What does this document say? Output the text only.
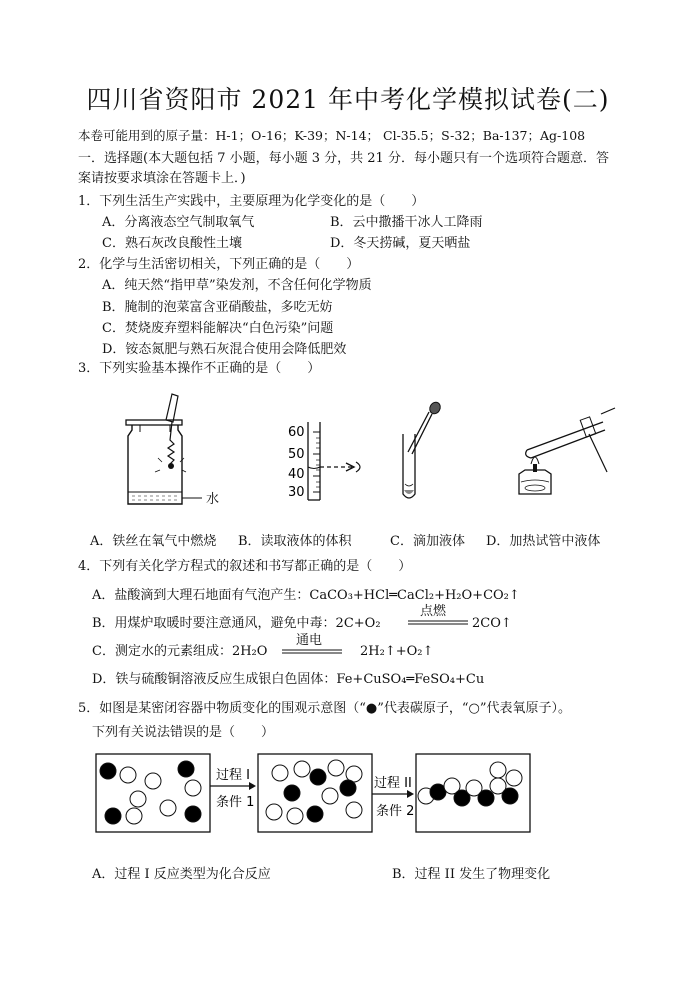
四川省资阳市 2021 年中考化学模拟试卷(二)
本卷可能用到的原子量：H-1；O-16；K-39；N-14； Cl-35.5；S-32；Ba-137；Ag-108
一．选择题(本大题包括 7 小题，每小题 3 分，共 21 分．每小题只有一个选项符合题意．答
案请按要求填涂在答题卡上．)
1．下列生活生产实践中，主要原理为化学变化的是（　　）
A．分离液态空气制取氧气	B．云中撒播干冰人工降雨
C．熟石灰改良酸性土壤	D．冬天捞碱，夏天晒盐
2．化学与生活密切相关，下列正确的是（　　）
A．纯天然“指甲草”染发剂，不含任何化学物质
B．腌制的泡菜富含亚硝酸盐，多吃无妨
C．焚烧废弃塑料能解决“白色污染”问题
D．铵态氮肥与熟石灰混合使用会降低肥效
3．下列实验基本操作不正确的是（　　）
水
60
50
40
30
A．铁丝在氧气中燃烧 B．读取液体的体积	C．滴加液体 D．加热试管中液体
4．下列有关化学方程式的叙述和书写都正确的是（　　）
A．盐酸滴到大理石地面有气泡产生：CaCO₃+HCl═CaCl₂+H₂O+CO₂↑
B．用煤炉取暖时要注意通风，避免中毒：2C+O₂
点燃
2CO↑
C．测定水的元素组成：2H₂O
通电
2H₂↑+O₂↑
D．铁与硫酸铜溶液反应生成银白色固体：Fe+CuSO₄═FeSO₄+Cu
5．如图是某密闭容器中物质变化的围观示意图（“●”代表碳原子，“○”代表氧原子）。
下列有关说法错误的是（　　）
过程 I
条件 1
过程 II
条件 2
A．过程 I 反应类型为化合反应	B．过程 II 发生了物理变化
